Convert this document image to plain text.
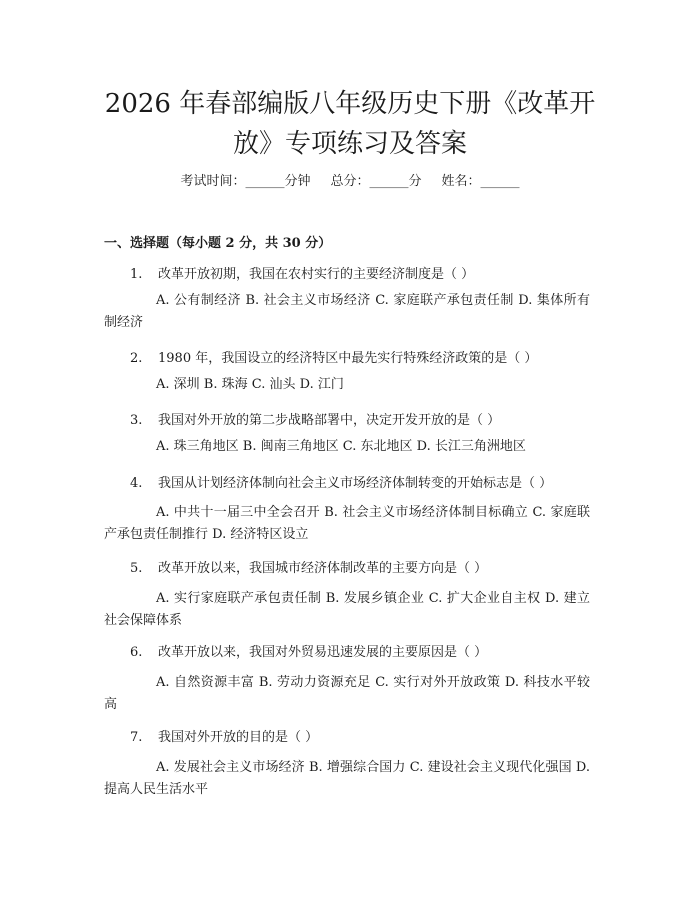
2026 年春部编版八年级历史下册《改革开
放》专项练习及答案
考试时间：______分钟 总分：______分 姓名：______
一、选择题（每小题 2 分，共 30 分）
1. 改革开放初期，我国在农村实行的主要经济制度是（ ）
A. 公有制经济 B. 社会主义市场经济 C. 家庭联产承包责任制 D. 集体所有制经济
2. 1980 年，我国设立的经济特区中最先实行特殊经济政策的是（ ）
A. 深圳 B. 珠海 C. 汕头 D. 江门
3. 我国对外开放的第二步战略部署中，决定开发开放的是（ ）
A. 珠三角地区 B. 闽南三角地区 C. 东北地区 D. 长江三角洲地区
4. 我国从计划经济体制向社会主义市场经济体制转变的开始标志是（ ）
A. 中共十一届三中全会召开 B. 社会主义市场经济体制目标确立 C. 家庭联产承包责任制推行 D. 经济特区设立
5. 改革开放以来，我国城市经济体制改革的主要方向是（ ）
A. 实行家庭联产承包责任制 B. 发展乡镇企业 C. 扩大企业自主权 D. 建立社会保障体系
6. 改革开放以来，我国对外贸易迅速发展的主要原因是（ ）
A. 自然资源丰富 B. 劳动力资源充足 C. 实行对外开放政策 D. 科技水平较高
7. 我国对外开放的目的是（ ）
A. 发展社会主义市场经济 B. 增强综合国力 C. 建设社会主义现代化强国 D. 提高人民生活水平
